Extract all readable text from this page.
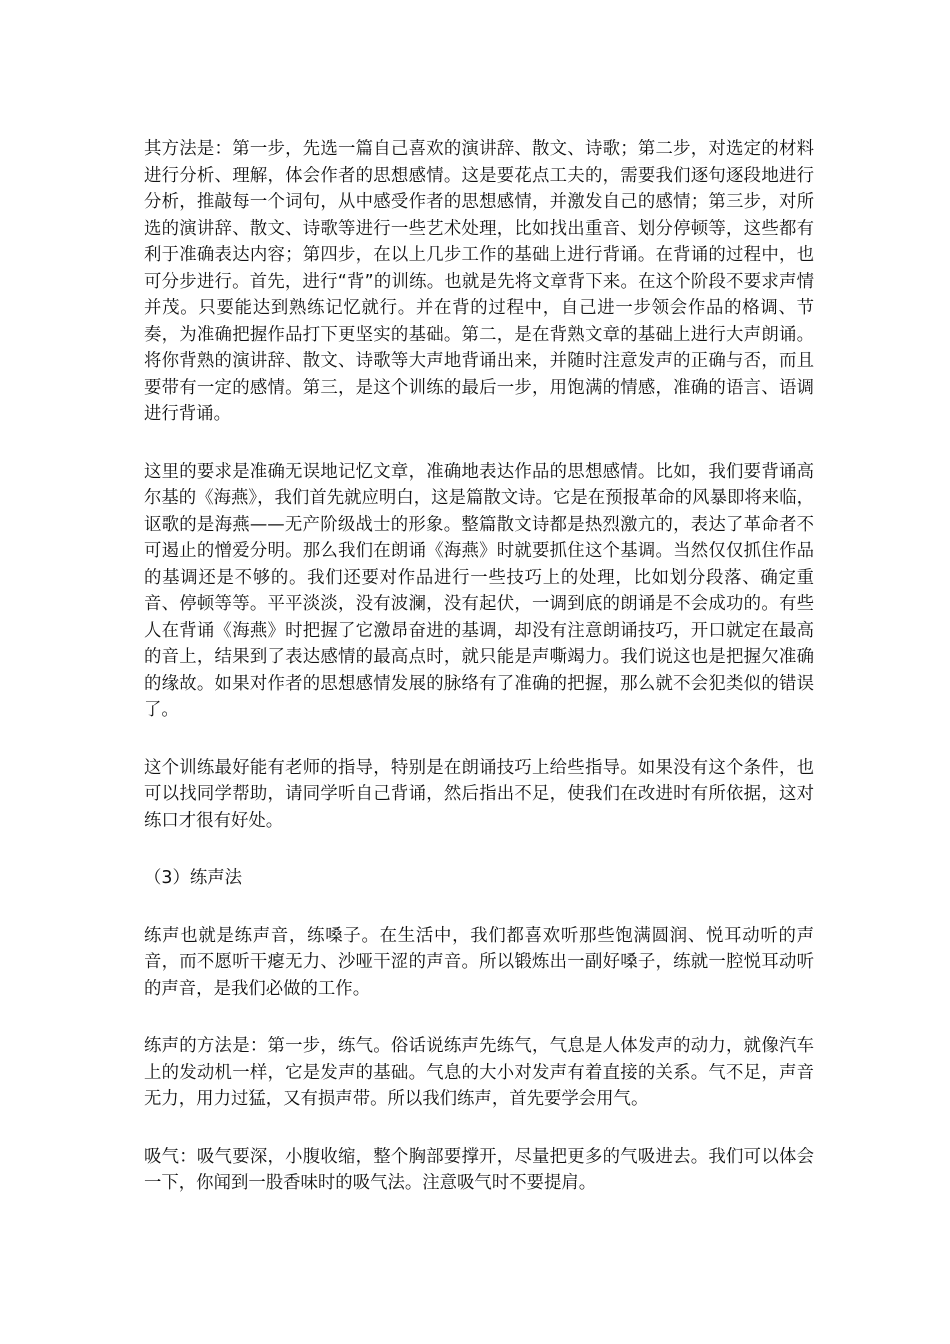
其方法是：第一步，先选一篇自己喜欢的演讲辞、散文、诗歌；第二步，对选定的材料进行分析、理解，体会作者的思想感情。这是要花点工夫的，需要我们逐句逐段地进行分析，推敲每一个词句，从中感受作者的思想感情，并激发自己的感情；第三步，对所选的演讲辞、散文、诗歌等进行一些艺术处理，比如找出重音、划分停顿等，这些都有利于准确表达内容；第四步，在以上几步工作的基础上进行背诵。在背诵的过程中，也可分步进行。首先，进行“背”的训练。也就是先将文章背下来。在这个阶段不要求声情并茂。只要能达到熟练记忆就行。并在背的过程中，自己进一步领会作品的格调、节奏，为准确把握作品打下更坚实的基础。第二，是在背熟文章的基础上进行大声朗诵。将你背熟的演讲辞、散文、诗歌等大声地背诵出来，并随时注意发声的正确与否，而且要带有一定的感情。第三，是这个训练的最后一步，用饱满的情感，准确的语言、语调进行背诵。

这里的要求是准确无误地记忆文章，准确地表达作品的思想感情。比如，我们要背诵高尔基的《海燕》，我们首先就应明白，这是篇散文诗。它是在预报革命的风暴即将来临，讴歌的是海燕——无产阶级战士的形象。整篇散文诗都是热烈激亢的，表达了革命者不可遏止的憎爱分明。那么我们在朗诵《海燕》时就要抓住这个基调。当然仅仅抓住作品的基调还是不够的。我们还要对作品进行一些技巧上的处理，比如划分段落、确定重音、停顿等等。平平淡淡，没有波澜，没有起伏，一调到底的朗诵是不会成功的。有些人在背诵《海燕》时把握了它激昂奋进的基调，却没有注意朗诵技巧，开口就定在最高的音上，结果到了表达感情的最高点时，就只能是声嘶竭力。我们说这也是把握欠准确的缘故。如果对作者的思想感情发展的脉络有了准确的把握，那么就不会犯类似的错误了。

这个训练最好能有老师的指导，特别是在朗诵技巧上给些指导。如果没有这个条件，也可以找同学帮助，请同学听自己背诵，然后指出不足，使我们在改进时有所依据，这对练口才很有好处。

（3）练声法

练声也就是练声音，练嗓子。在生活中，我们都喜欢听那些饱满圆润、悦耳动听的声音，而不愿听干瘪无力、沙哑干涩的声音。所以锻炼出一副好嗓子，练就一腔悦耳动听的声音，是我们必做的工作。

练声的方法是：第一步，练气。俗话说练声先练气，气息是人体发声的动力，就像汽车上的发动机一样，它是发声的基础。气息的大小对发声有着直接的关系。气不足，声音无力，用力过猛，又有损声带。所以我们练声，首先要学会用气。

吸气：吸气要深，小腹收缩，整个胸部要撑开，尽量把更多的气吸进去。我们可以体会一下，你闻到一股香味时的吸气法。注意吸气时不要提肩。
